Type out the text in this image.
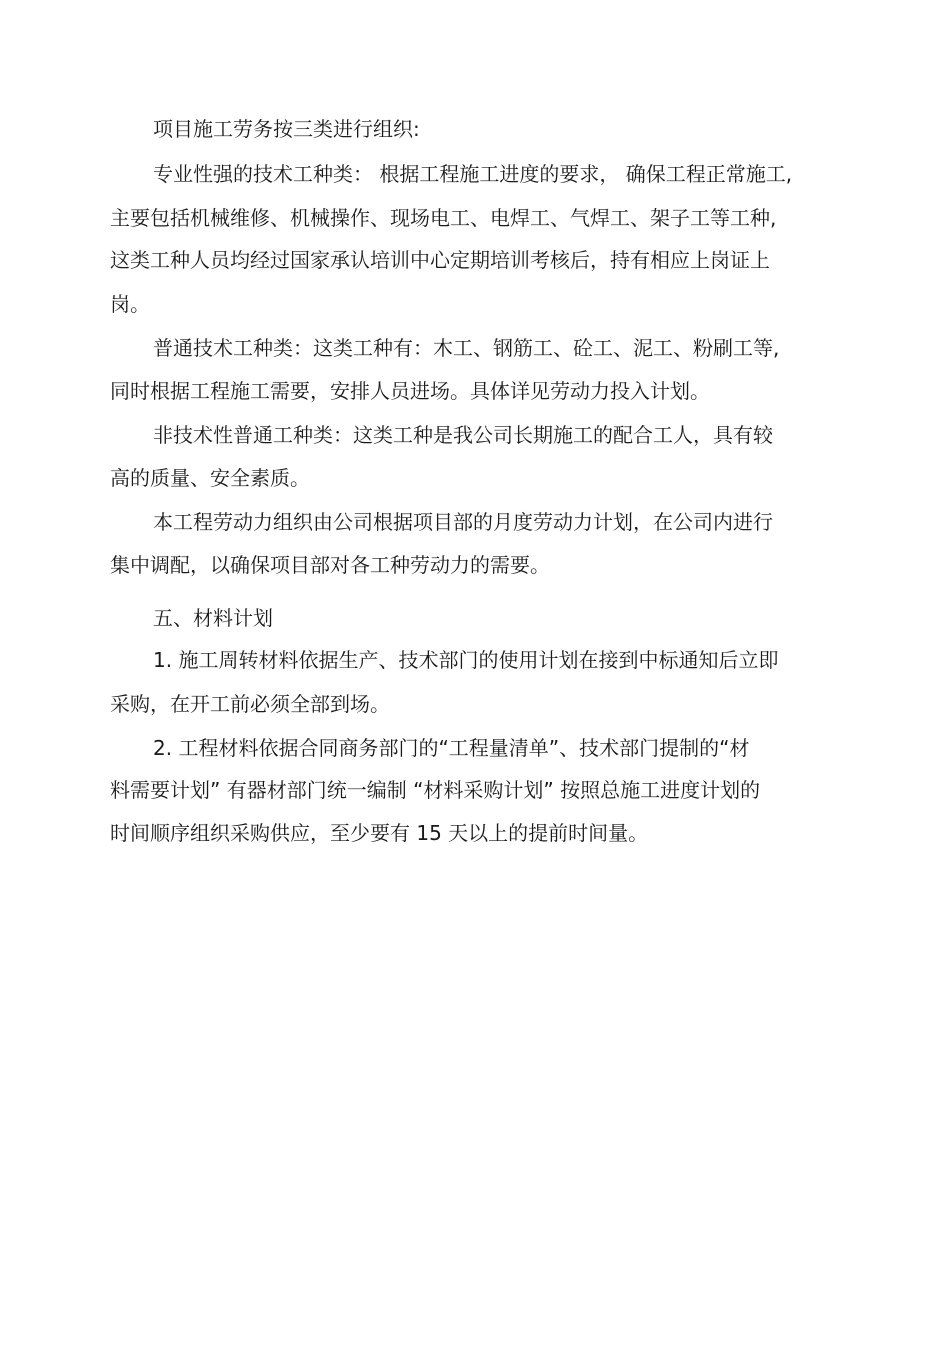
项目施工劳务按三类进行组织:
专业性强的技术工种类： 根据工程施工进度的要求， 确保工程正常施工,
主要包括机械维修、机械操作、现场电工、电焊工、气焊工、架子工等工种,
这类工种人员均经过国家承认培训中心定期培训考核后，持有相应上岗证上
岗。
普通技术工种类：这类工种有：木工、钢筋工、砼工、泥工、粉刷工等,
同时根据工程施工需要，安排人员进场。具体详见劳动力投入计划。
非技术性普通工种类：这类工种是我公司长期施工的配合工人，具有较
高的质量、安全素质。
本工程劳动力组织由公司根据项目部的月度劳动力计划，在公司内进行
集中调配，以确保项目部对各工种劳动力的需要。
五、材料计划
1. 施工周转材料依据生产、技术部门的使用计划在接到中标通知后立即
采购，在开工前必须全部到场。
2. 工程材料依据合同商务部门的“工程量清单”、技术部门提制的“材
料需要计划” 有器材部门统一编制 “材料采购计划” 按照总施工进度计划的
时间顺序组织采购供应，至少要有 15 天以上的提前时间量。
